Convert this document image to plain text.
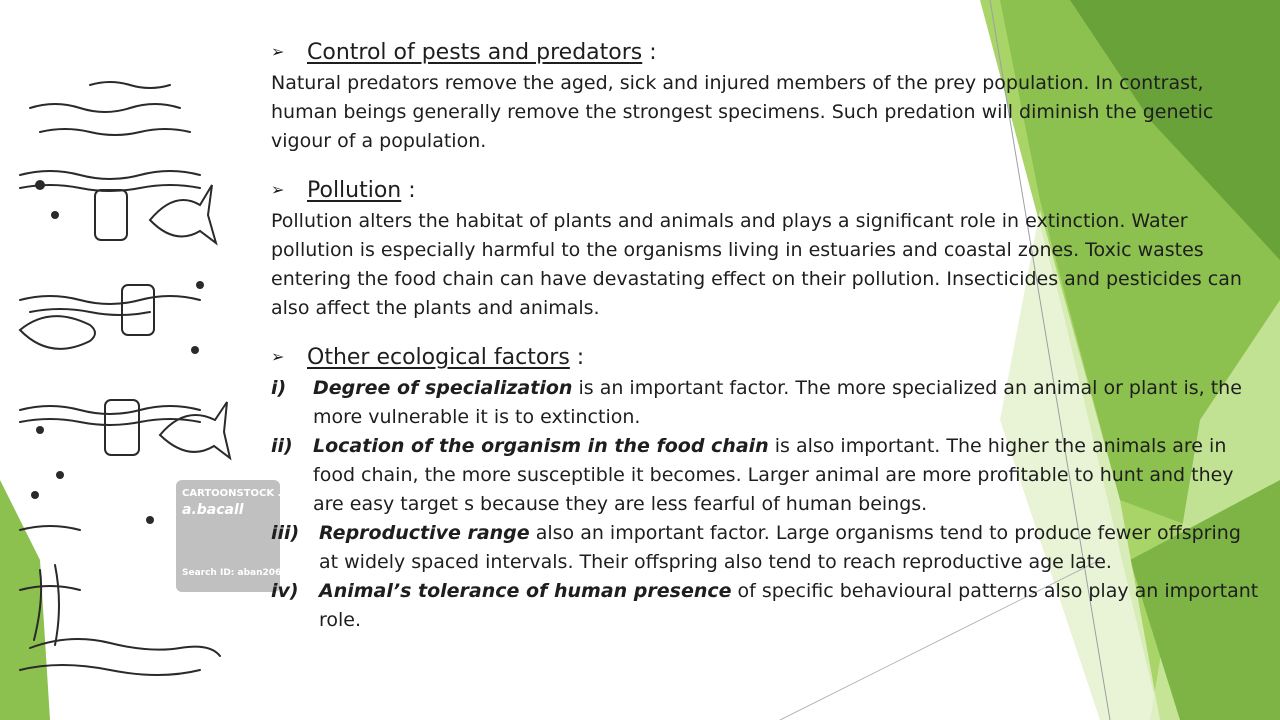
CARTOONSTOCK .com
a.bacall
Search ID: aban2062
➢ Control of pests and predators :

Natural predators remove the aged, sick and injured members of the prey population. In contrast, human beings generally remove the strongest specimens. Such predation will diminish the genetic vigour of a population.

➢ Pollution :

Pollution alters the habitat of plants and animals and plays a significant role in extinction. Water pollution is especially harmful to the organisms living in estuaries and coastal zones. Toxic wastes entering the food chain can have devastating effect on their pollution. Insecticides and pesticides can also affect the plants and animals.

➢ Other ecological factors :
i) Degree of specialization is an important factor. The more specialized an animal or plant is, the more vulnerable it is to extinction.
ii) Location of the organism in the food chain is also important. The higher the animals are in food chain, the more susceptible it becomes. Larger animal are more profitable to hunt and they are easy target s because they are less fearful of human beings.
iii) Reproductive range also an important factor. Large organisms tend to produce fewer offspring at widely spaced intervals. Their offspring also tend to reach reproductive age late.
iv) Animal’s tolerance of human presence of specific behavioural patterns also play an important role.
